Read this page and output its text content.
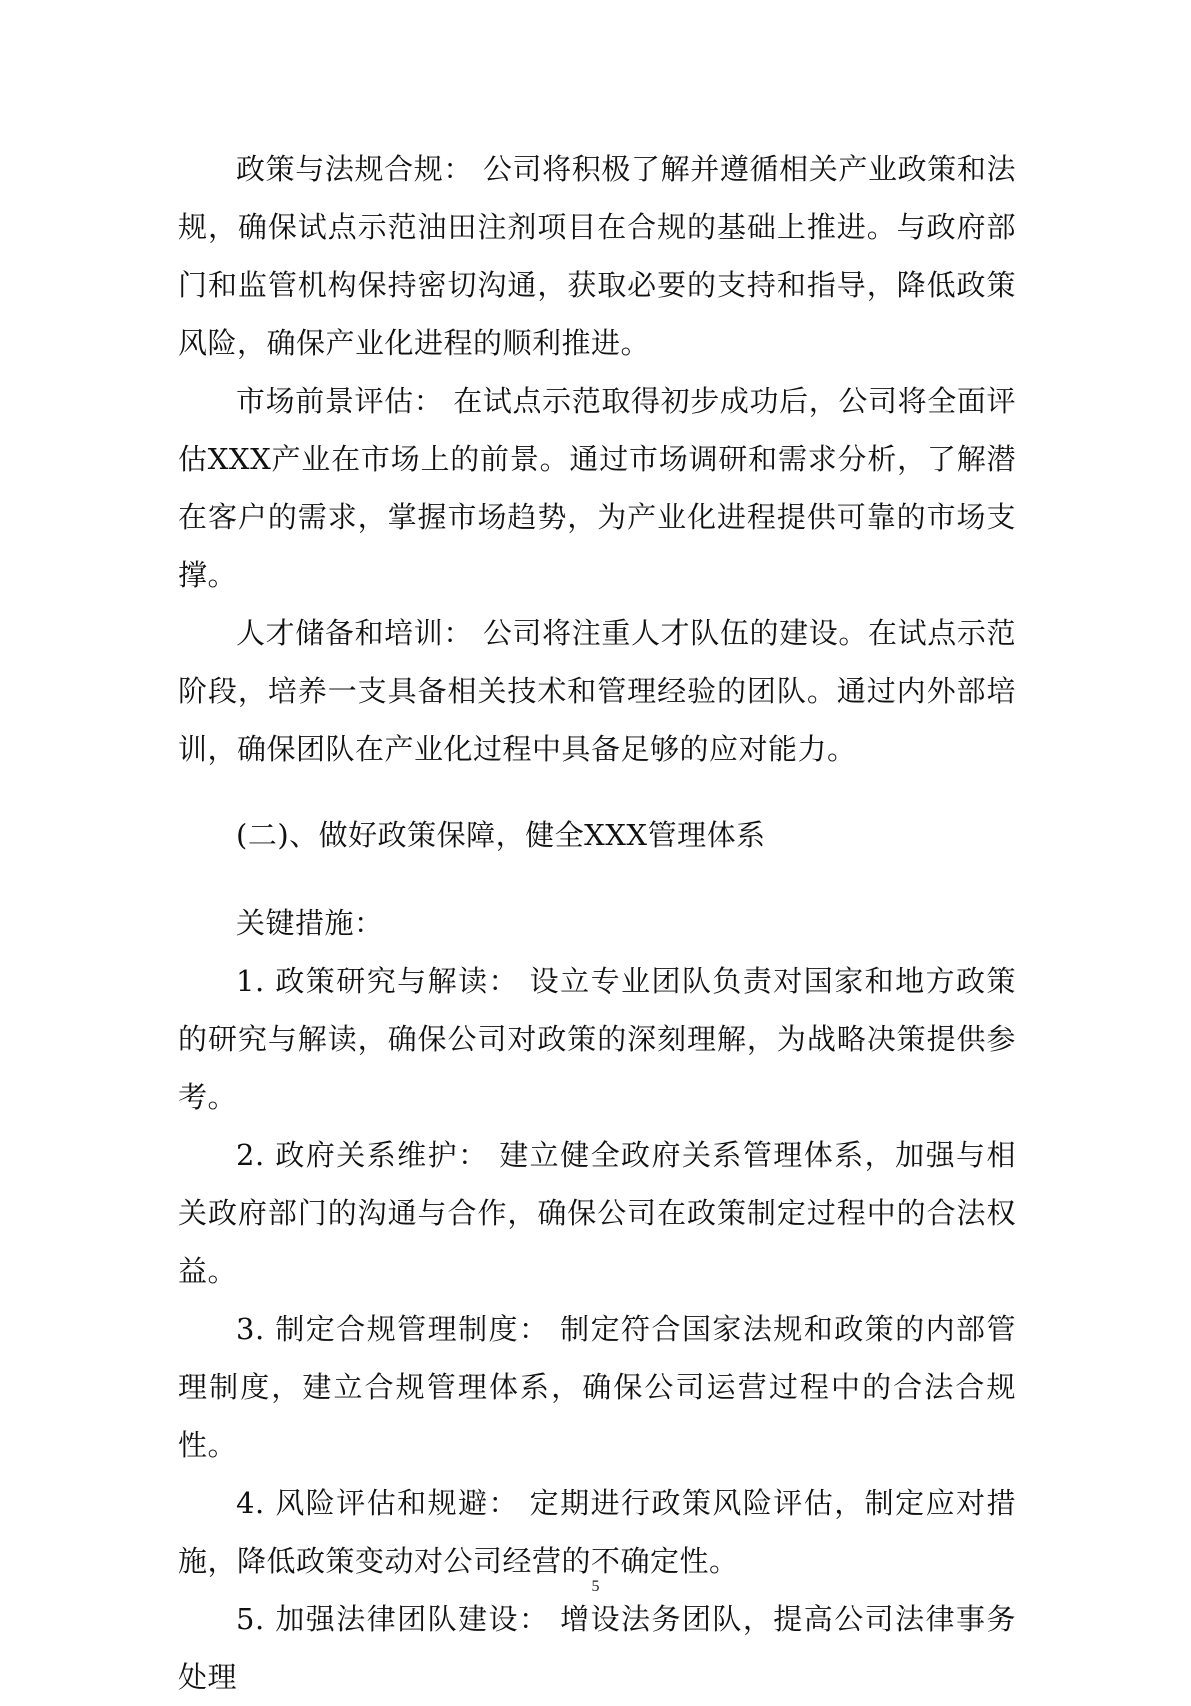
政策与法规合规： 公司将积极了解并遵循相关产业政策和法规，确保试点示范油田注剂项目在合规的基础上推进。与政府部门和监管机构保持密切沟通，获取必要的支持和指导，降低政策风险，确保产业化进程的顺利推进。

市场前景评估： 在试点示范取得初步成功后，公司将全面评估XXX产业在市场上的前景。通过市场调研和需求分析，了解潜在客户的需求，掌握市场趋势，为产业化进程提供可靠的市场支撑。

人才储备和培训： 公司将注重人才队伍的建设。在试点示范阶段，培养一支具备相关技术和管理经验的团队。通过内外部培训，确保团队在产业化过程中具备足够的应对能力。

(二)、做好政策保障，健全XXX管理体系

关键措施：

1. 政策研究与解读： 设立专业团队负责对国家和地方政策的研究与解读，确保公司对政策的深刻理解，为战略决策提供参考。

2. 政府关系维护： 建立健全政府关系管理体系，加强与相关政府部门的沟通与合作，确保公司在政策制定过程中的合法权益。

3. 制定合规管理制度： 制定符合国家法规和政策的内部管理制度，建立合规管理体系，确保公司运营过程中的合法合规性。

4. 风险评估和规避： 定期进行政策风险评估，制定应对措施，降低政策变动对公司经营的不确定性。

5. 加强法律团队建设： 增设法务团队，提高公司法律事务处理

5
